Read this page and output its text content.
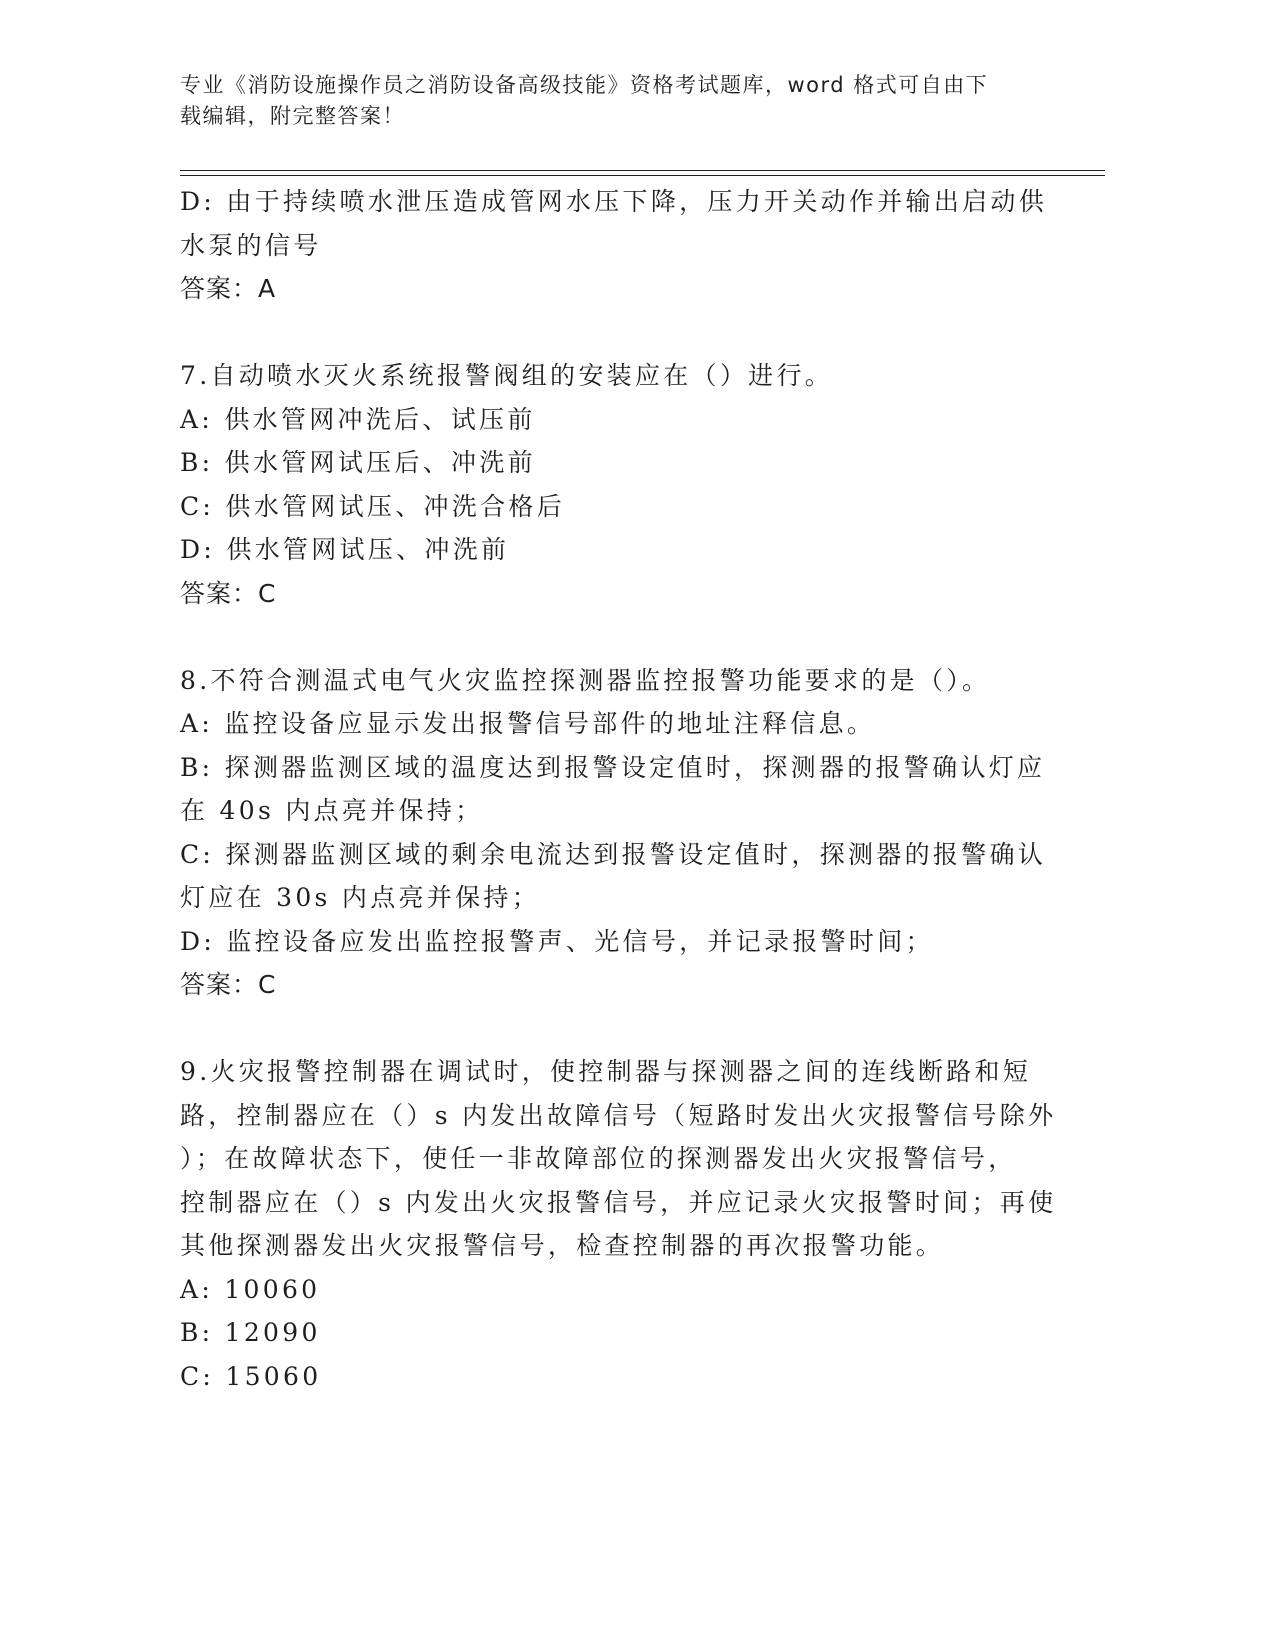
专业《消防设施操作员之消防设备高级技能》资格考试题库，word 格式可自由下
载编辑，附完整答案！

D: 由于持续喷水泄压造成管网水压下降，压力开关动作并输出启动供

水泵的信号

答案：A

7.自动喷水灭火系统报警阀组的安装应在（）进行。

A: 供水管网冲洗后、试压前

B: 供水管网试压后、冲洗前

C: 供水管网试压、冲洗合格后

D: 供水管网试压、冲洗前

答案：C

8.不符合测温式电气火灾监控探测器监控报警功能要求的是（）。

A: 监控设备应显示发出报警信号部件的地址注释信息。

B: 探测器监测区域的温度达到报警设定值时，探测器的报警确认灯应

在 40s 内点亮并保持；

C: 探测器监测区域的剩余电流达到报警设定值时，探测器的报警确认

灯应在 30s 内点亮并保持；

D: 监控设备应发出监控报警声、光信号，并记录报警时间；

答案：C

9.火灾报警控制器在调试时，使控制器与探测器之间的连线断路和短

路，控制器应在（）s 内发出故障信号（短路时发出火灾报警信号除外

）；在故障状态下，使任一非故障部位的探测器发出火灾报警信号，

控制器应在（）s 内发出火灾报警信号，并应记录火灾报警时间；再使

其他探测器发出火灾报警信号，检查控制器的再次报警功能。

A: 10060

B: 12090

C: 15060
